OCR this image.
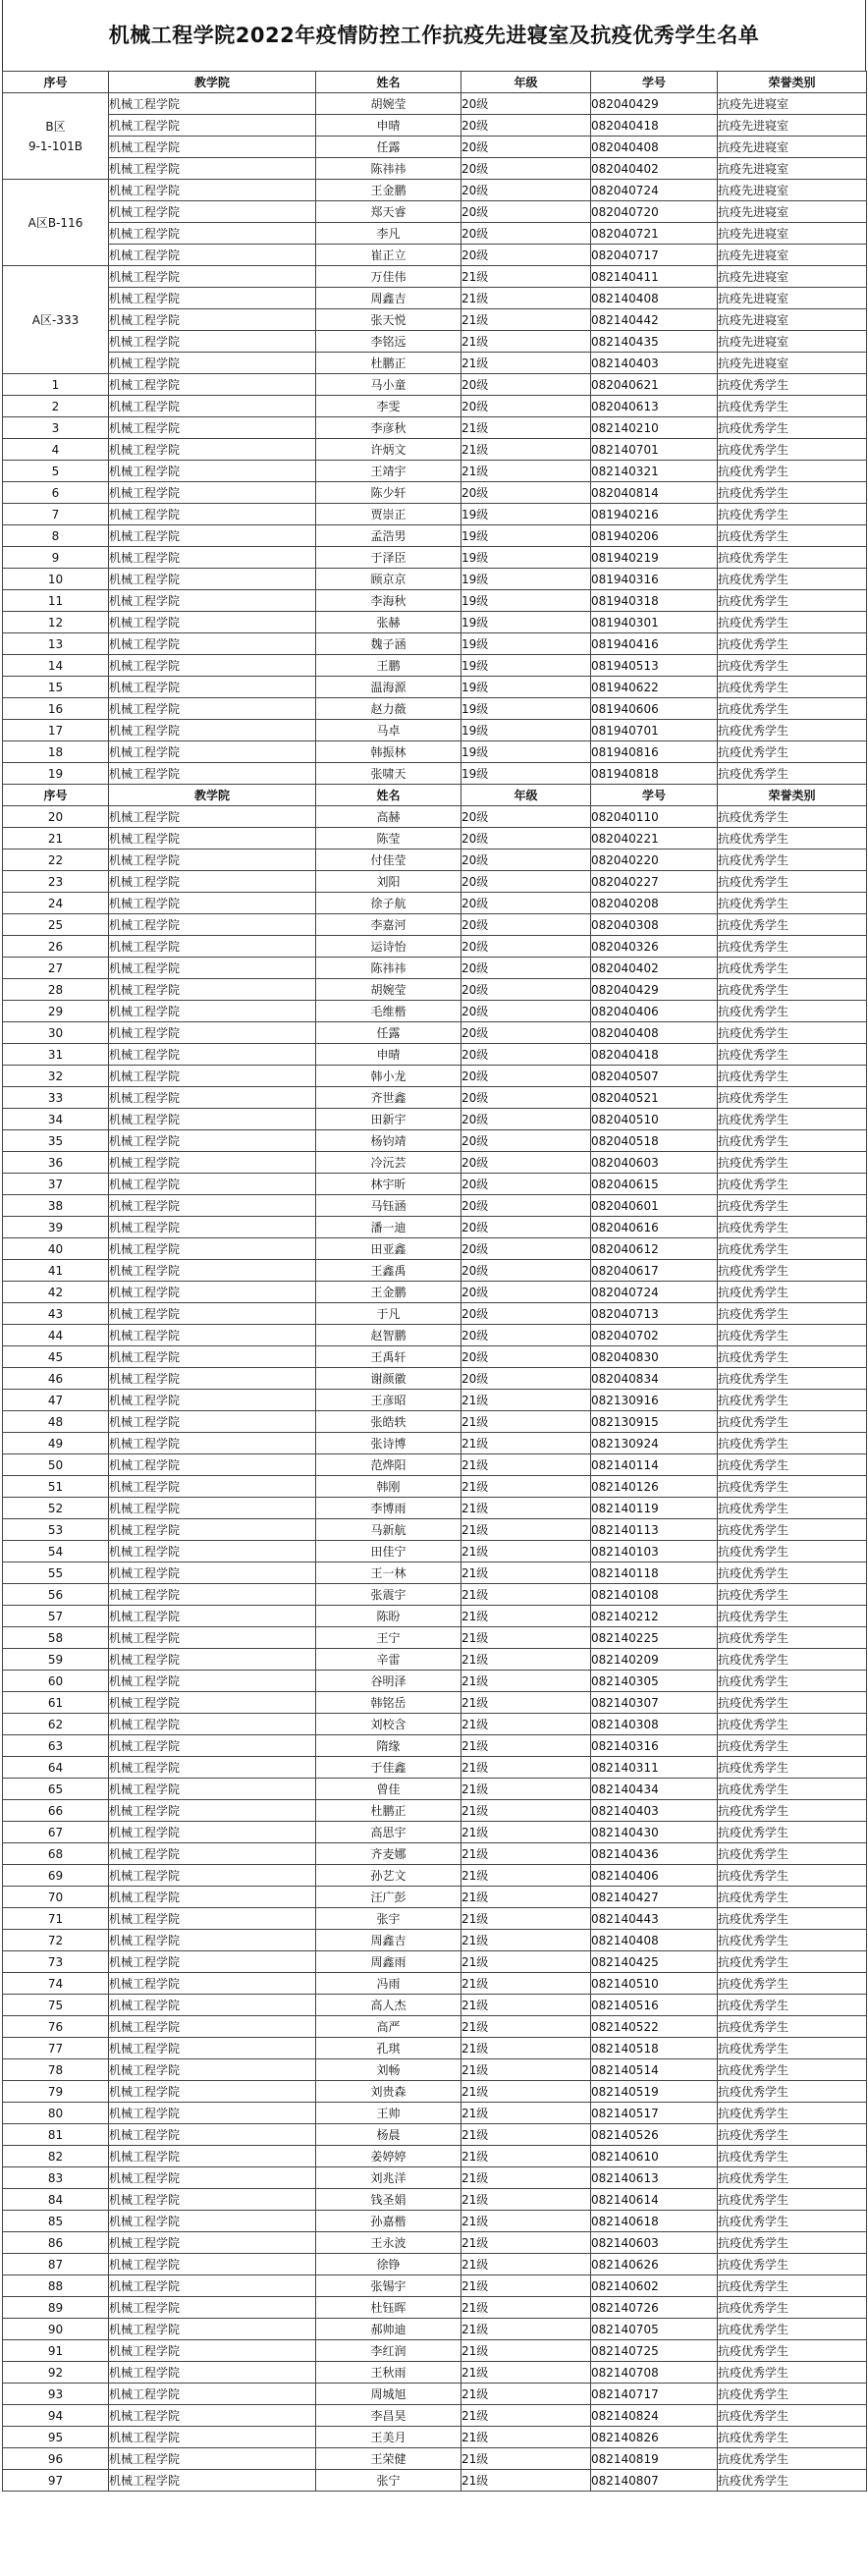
机械工程学院2022年疫情防控工作抗疫先进寝室及抗疫优秀学生名单
序号	教学院	姓名	年级	学号	荣誉类别

B区
9-1-101B	机械工程学院	胡婉莹	20级	082040429	抗疫先进寝室
	机械工程学院	申晴	20级	082040418	抗疫先进寝室
	机械工程学院	任露	20级	082040408	抗疫先进寝室
	机械工程学院	陈祎祎	20级	082040402	抗疫先进寝室

A区B-116	机械工程学院	王金鹏	20级	082040724	抗疫先进寝室
	机械工程学院	郑天睿	20级	082040720	抗疫先进寝室
	机械工程学院	李凡	20级	082040721	抗疫先进寝室
	机械工程学院	崔正立	20级	082040717	抗疫先进寝室

A区-333	机械工程学院	万佳伟	21级	082140411	抗疫先进寝室
	机械工程学院	周鑫吉	21级	082140408	抗疫先进寝室
	机械工程学院	张天悦	21级	082140442	抗疫先进寝室
	机械工程学院	李铭远	21级	082140435	抗疫先进寝室
	机械工程学院	杜鹏正	21级	082140403	抗疫先进寝室
1	机械工程学院	马小童	20级	082040621	抗疫优秀学生
2	机械工程学院	李雯	20级	082040613	抗疫优秀学生
3	机械工程学院	李彦秋	21级	082140210	抗疫优秀学生
4	机械工程学院	许炳文	21级	082140701	抗疫优秀学生
5	机械工程学院	王靖宇	21级	082140321	抗疫优秀学生
6	机械工程学院	陈少轩	20级	082040814	抗疫优秀学生
7	机械工程学院	贾崇正	19级	081940216	抗疫优秀学生
8	机械工程学院	孟浩男	19级	081940206	抗疫优秀学生
9	机械工程学院	于泽臣	19级	081940219	抗疫优秀学生
10	机械工程学院	顾京京	19级	081940316	抗疫优秀学生
11	机械工程学院	李海秋	19级	081940318	抗疫优秀学生
12	机械工程学院	张赫	19级	081940301	抗疫优秀学生
13	机械工程学院	魏子涵	19级	081940416	抗疫优秀学生
14	机械工程学院	王鹏	19级	081940513	抗疫优秀学生
15	机械工程学院	温海源	19级	081940622	抗疫优秀学生
16	机械工程学院	赵力薇	19级	081940606	抗疫优秀学生
17	机械工程学院	马卓	19级	081940701	抗疫优秀学生
18	机械工程学院	韩振林	19级	081940816	抗疫优秀学生
19	机械工程学院	张啸天	19级	081940818	抗疫优秀学生
序号	教学院	姓名	年级	学号	荣誉类别
20	机械工程学院	高赫	20级	082040110	抗疫优秀学生
21	机械工程学院	陈莹	20级	082040221	抗疫优秀学生
22	机械工程学院	付佳莹	20级	082040220	抗疫优秀学生
23	机械工程学院	刘阳	20级	082040227	抗疫优秀学生
24	机械工程学院	徐子航	20级	082040208	抗疫优秀学生
25	机械工程学院	李嘉河	20级	082040308	抗疫优秀学生
26	机械工程学院	运诗怡	20级	082040326	抗疫优秀学生
27	机械工程学院	陈祎祎	20级	082040402	抗疫优秀学生
28	机械工程学院	胡婉莹	20级	082040429	抗疫优秀学生
29	机械工程学院	毛维楷	20级	082040406	抗疫优秀学生
30	机械工程学院	任露	20级	082040408	抗疫优秀学生
31	机械工程学院	申晴	20级	082040418	抗疫优秀学生
32	机械工程学院	韩小龙	20级	082040507	抗疫优秀学生
33	机械工程学院	齐世鑫	20级	082040521	抗疫优秀学生
34	机械工程学院	田新宇	20级	082040510	抗疫优秀学生
35	机械工程学院	杨钧靖	20级	082040518	抗疫优秀学生
36	机械工程学院	冷沅芸	20级	082040603	抗疫优秀学生
37	机械工程学院	林宇昕	20级	082040615	抗疫优秀学生
38	机械工程学院	马钰涵	20级	082040601	抗疫优秀学生
39	机械工程学院	潘一迪	20级	082040616	抗疫优秀学生
40	机械工程学院	田亚鑫	20级	082040612	抗疫优秀学生
41	机械工程学院	王鑫禹	20级	082040617	抗疫优秀学生
42	机械工程学院	王金鹏	20级	082040724	抗疫优秀学生
43	机械工程学院	于凡	20级	082040713	抗疫优秀学生
44	机械工程学院	赵智鹏	20级	082040702	抗疫优秀学生
45	机械工程学院	王禹轩	20级	082040830	抗疫优秀学生
46	机械工程学院	谢颜徽	20级	082040834	抗疫优秀学生
47	机械工程学院	王彦昭	21级	082130916	抗疫优秀学生
48	机械工程学院	张皓轶	21级	082130915	抗疫优秀学生
49	机械工程学院	张诗博	21级	082130924	抗疫优秀学生
50	机械工程学院	范烨阳	21级	082140114	抗疫优秀学生
51	机械工程学院	韩刚	21级	082140126	抗疫优秀学生
52	机械工程学院	李博雨	21级	082140119	抗疫优秀学生
53	机械工程学院	马新航	21级	082140113	抗疫优秀学生
54	机械工程学院	田佳宁	21级	082140103	抗疫优秀学生
55	机械工程学院	王一林	21级	082140118	抗疫优秀学生
56	机械工程学院	张震宇	21级	082140108	抗疫优秀学生
57	机械工程学院	陈盼	21级	082140212	抗疫优秀学生
58	机械工程学院	王宁	21级	082140225	抗疫优秀学生
59	机械工程学院	辛雷	21级	082140209	抗疫优秀学生
60	机械工程学院	谷明泽	21级	082140305	抗疫优秀学生
61	机械工程学院	韩铭岳	21级	082140307	抗疫优秀学生
62	机械工程学院	刘校含	21级	082140308	抗疫优秀学生
63	机械工程学院	隋缘	21级	082140316	抗疫优秀学生
64	机械工程学院	于佳鑫	21级	082140311	抗疫优秀学生
65	机械工程学院	曾佳	21级	082140434	抗疫优秀学生
66	机械工程学院	杜鹏正	21级	082140403	抗疫优秀学生
67	机械工程学院	高思宇	21级	082140430	抗疫优秀学生
68	机械工程学院	齐麦娜	21级	082140436	抗疫优秀学生
69	机械工程学院	孙艺文	21级	082140406	抗疫优秀学生
70	机械工程学院	汪广彭	21级	082140427	抗疫优秀学生
71	机械工程学院	张宇	21级	082140443	抗疫优秀学生
72	机械工程学院	周鑫吉	21级	082140408	抗疫优秀学生
73	机械工程学院	周鑫雨	21级	082140425	抗疫优秀学生
74	机械工程学院	冯雨	21级	082140510	抗疫优秀学生
75	机械工程学院	高人杰	21级	082140516	抗疫优秀学生
76	机械工程学院	高严	21级	082140522	抗疫优秀学生
77	机械工程学院	孔琪	21级	082140518	抗疫优秀学生
78	机械工程学院	刘畅	21级	082140514	抗疫优秀学生
79	机械工程学院	刘贵森	21级	082140519	抗疫优秀学生
80	机械工程学院	王帅	21级	082140517	抗疫优秀学生
81	机械工程学院	杨晨	21级	082140526	抗疫优秀学生
82	机械工程学院	姜婷婷	21级	082140610	抗疫优秀学生
83	机械工程学院	刘兆洋	21级	082140613	抗疫优秀学生
84	机械工程学院	钱圣娟	21级	082140614	抗疫优秀学生
85	机械工程学院	孙嘉楷	21级	082140618	抗疫优秀学生
86	机械工程学院	王永波	21级	082140603	抗疫优秀学生
87	机械工程学院	徐铮	21级	082140626	抗疫优秀学生
88	机械工程学院	张锡宇	21级	082140602	抗疫优秀学生
89	机械工程学院	杜钰晖	21级	082140726	抗疫优秀学生
90	机械工程学院	郝帅迪	21级	082140705	抗疫优秀学生
91	机械工程学院	李红润	21级	082140725	抗疫优秀学生
92	机械工程学院	王秋雨	21级	082140708	抗疫优秀学生
93	机械工程学院	周城旭	21级	082140717	抗疫优秀学生
94	机械工程学院	李昌昊	21级	082140824	抗疫优秀学生
95	机械工程学院	王美月	21级	082140826	抗疫优秀学生
96	机械工程学院	王荣健	21级	082140819	抗疫优秀学生
97	机械工程学院	张宁	21级	082140807	抗疫优秀学生
